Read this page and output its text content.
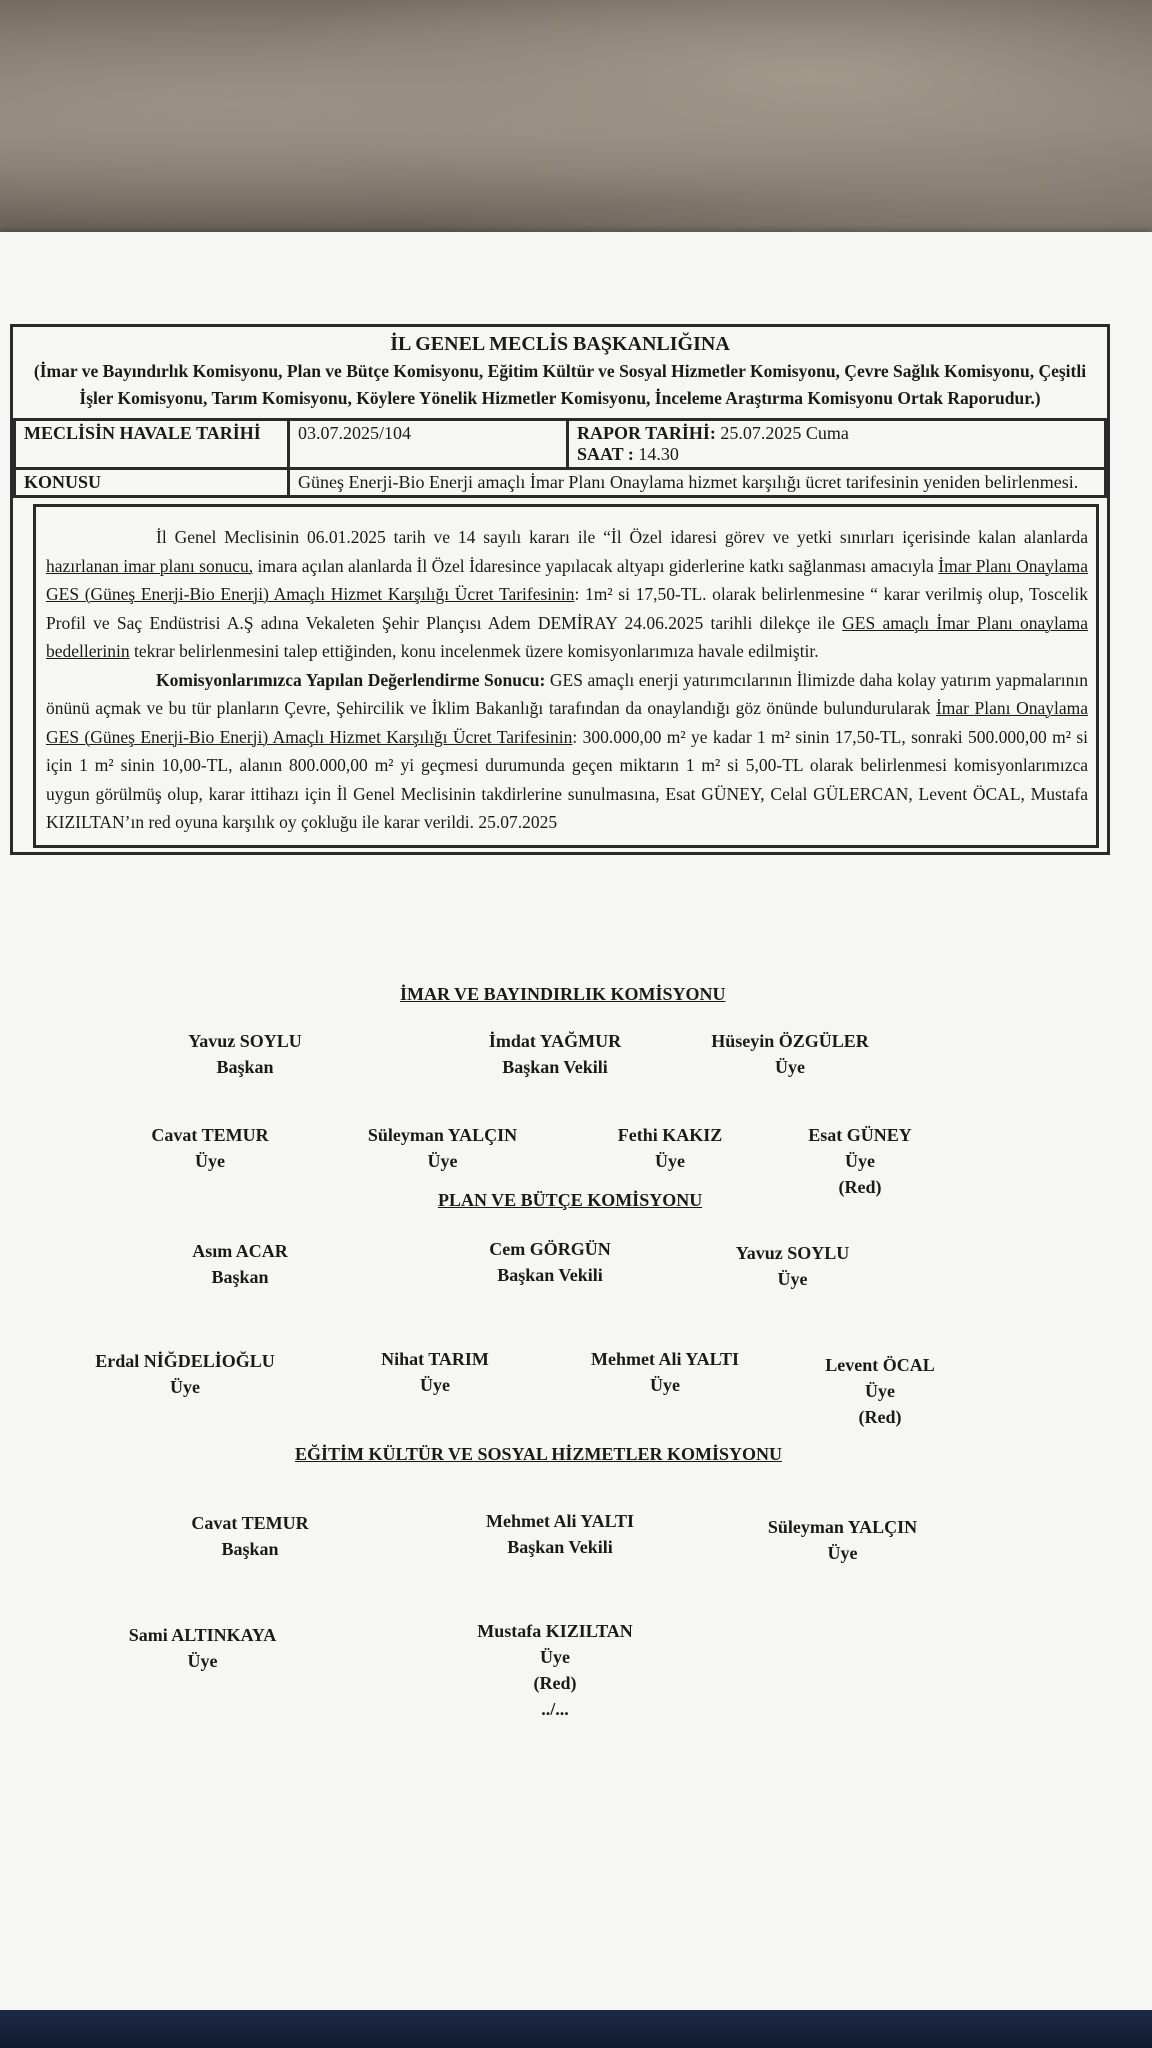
İL GENEL MECLİS BAŞKANLIĞINA
(İmar ve Bayındırlık Komisyonu, Plan ve Bütçe Komisyonu, Eğitim Kültür ve Sosyal Hizmetler Komisyonu, Çevre Sağlık Komisyonu, Çeşitli İşler Komisyonu, Tarım Komisyonu, Köylere Yönelik Hizmetler Komisyonu, İnceleme Araştırma Komisyonu Ortak Raporudur.)
MECLİSİN HAVALE TARİHİ	03.07.2025/104	RAPOR TARİHİ: 25.07.2025 Cuma
SAAT : 14.30

KONUSU	Güneş Enerji-Bio Enerji amaçlı İmar Planı Onaylama hizmet karşılığı ücret tarifesinin yeniden belirlenmesi.	

İl Genel Meclisinin 06.01.2025 tarih ve 14 sayılı kararı ile “İl Özel idaresi görev ve yetki sınırları içerisinde kalan alanlarda hazırlanan imar planı sonucu, imara açılan alanlarda İl Özel İdaresince yapılacak altyapı giderlerine katkı sağlanması amacıyla İmar Planı Onaylama GES (Güneş Enerji-Bio Enerji) Amaçlı Hizmet Karşılığı Ücret Tarifesinin: 1m² si 17,50-TL. olarak belirlenmesine “ karar verilmiş olup, Toscelik Profil ve Saç Endüstrisi A.Ş adına Vekaleten Şehir Plançısı Adem DEMİRAY 24.06.2025 tarihli dilekçe ile GES amaçlı İmar Planı onaylama bedellerinin tekrar belirlenmesini talep ettiğinden, konu incelenmek üzere komisyonlarımıza havale edilmiştir.

Komisyonlarımızca Yapılan Değerlendirme Sonucu: GES amaçlı enerji yatırımcılarının İlimizde daha kolay yatırım yapmalarının önünü açmak ve bu tür planların Çevre, Şehircilik ve İklim Bakanlığı tarafından da onaylandığı göz önünde bulundurularak İmar Planı Onaylama GES (Güneş Enerji-Bio Enerji) Amaçlı Hizmet Karşılığı Ücret Tarifesinin: 300.000,00 m² ye kadar 1 m² sinin 17,50-TL, sonraki 500.000,00 m² si için 1 m² sinin 10,00-TL, alanın 800.000,00 m² yi geçmesi durumunda geçen miktarın 1 m² si 5,00-TL olarak belirlenmesi komisyonlarımızca uygun görülmüş olup, karar ittihazı için İl Genel Meclisinin takdirlerine sunulmasına, Esat GÜNEY, Celal GÜLERCAN, Levent ÖCAL, Mustafa KIZILTAN’ın red oyuna karşılık oy çokluğu ile karar verildi. 25.07.2025

İMAR VE BAYINDIRLIK KOMİSYONU
Yavuz SOYLU
Başkan
İmdat YAĞMUR
Başkan Vekili
Hüseyin ÖZGÜLER
Üye
Cavat TEMUR
Üye
Süleyman YALÇIN
Üye
Fethi KAKIZ
Üye
Esat GÜNEY
Üye
(Red)
PLAN VE BÜTÇE KOMİSYONU
Asım ACAR
Başkan
Cem GÖRGÜN
Başkan Vekili
Yavuz SOYLU
Üye
Erdal NİĞDELİOĞLU
Üye
Nihat TARIM
Üye
Mehmet Ali YALTI
Üye
Levent ÖCAL
Üye
(Red)
EĞİTİM KÜLTÜR VE SOSYAL HİZMETLER KOMİSYONU
Cavat TEMUR
Başkan
Mehmet Ali YALTI
Başkan Vekili
Süleyman YALÇIN
Üye
Sami ALTINKAYA
Üye
Mustafa KIZILTAN
Üye
(Red)
../...
